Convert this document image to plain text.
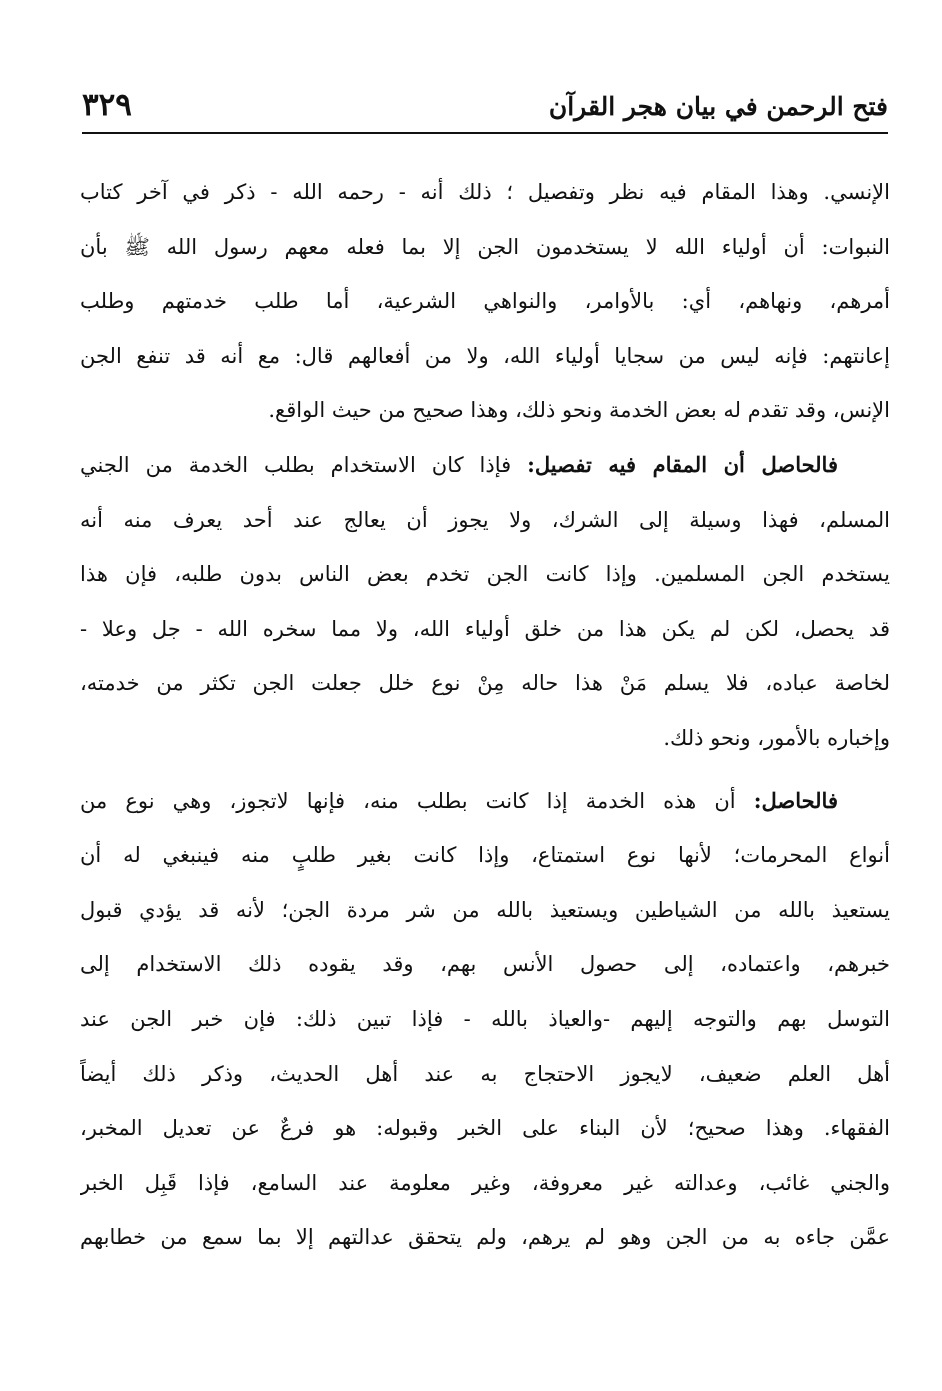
فتح الرحمن في بيان هجر القرآن
٣٢٩
الإنسي. وهذا المقام فيه نظر وتفصيل ؛ ذلك أنه - رحمه الله - ذكر في آخر كتاب
النبوات: أن أولياء الله لا يستخدمون الجن إلا بما فعله معهم رسول الله ﷺ بأن
أمرهم، ونهاهم، أي: بالأوامر، والنواهي الشرعية، أما طلب خدمتهم وطلب
إعانتهم: فإنه ليس من سجايا أولياء الله، ولا من أفعالهم قال: مع أنه قد تنفع الجن
الإنس، وقد تقدم له بعض الخدمة ونحو ذلك، وهذا صحيح من حيث الواقع.
فالحاصل أن المقام فيه تفصيل: فإذا كان الاستخدام بطلب الخدمة من الجني
المسلم، فهذا وسيلة إلى الشرك، ولا يجوز أن يعالج عند أحد يعرف منه أنه
يستخدم الجن المسلمين. وإذا كانت الجن تخدم بعض الناس بدون طلبه، فإن هذا
قد يحصل، لكن لم يكن هذا من خلق أولياء الله، ولا مما سخره الله - جل وعلا -
لخاصة عباده، فلا يسلم مَنْ هذا حاله مِنْ نوع خلل جعلت الجن تكثر من خدمته،
وإخباره بالأمور، ونحو ذلك.
فالحاصل: أن هذه الخدمة إذا كانت بطلب منه، فإنها لاتجوز، وهي نوع من
أنواع المحرمات؛ لأنها نوع استمتاع، وإذا كانت بغير طلبٍ منه فينبغي له أن
يستعيذ بالله من الشياطين ويستعيذ بالله من شر مردة الجن؛ لأنه قد يؤدي قبول
خبرهم، واعتماده، إلى حصول الأنس بهم، وقد يقوده ذلك الاستخدام إلى
التوسل بهم والتوجه إليهم -والعياذ بالله - فإذا تبين ذلك: فإن خبر الجن عند
أهل العلم ضعيف، لايجوز الاحتجاج به عند أهل الحديث، وذكر ذلك أيضاً
الفقهاء. وهذا صحيح؛ لأن البناء على الخبر وقبوله: هو فرعٌ عن تعديل المخبر،
والجني غائب، وعدالته غير معروفة، وغير معلومة عند السامع، فإذا قَبِل الخبر
عمَّن جاءه به من الجن وهو لم يرهم، ولم يتحقق عدالتهم إلا بما سمع من خطابهم
